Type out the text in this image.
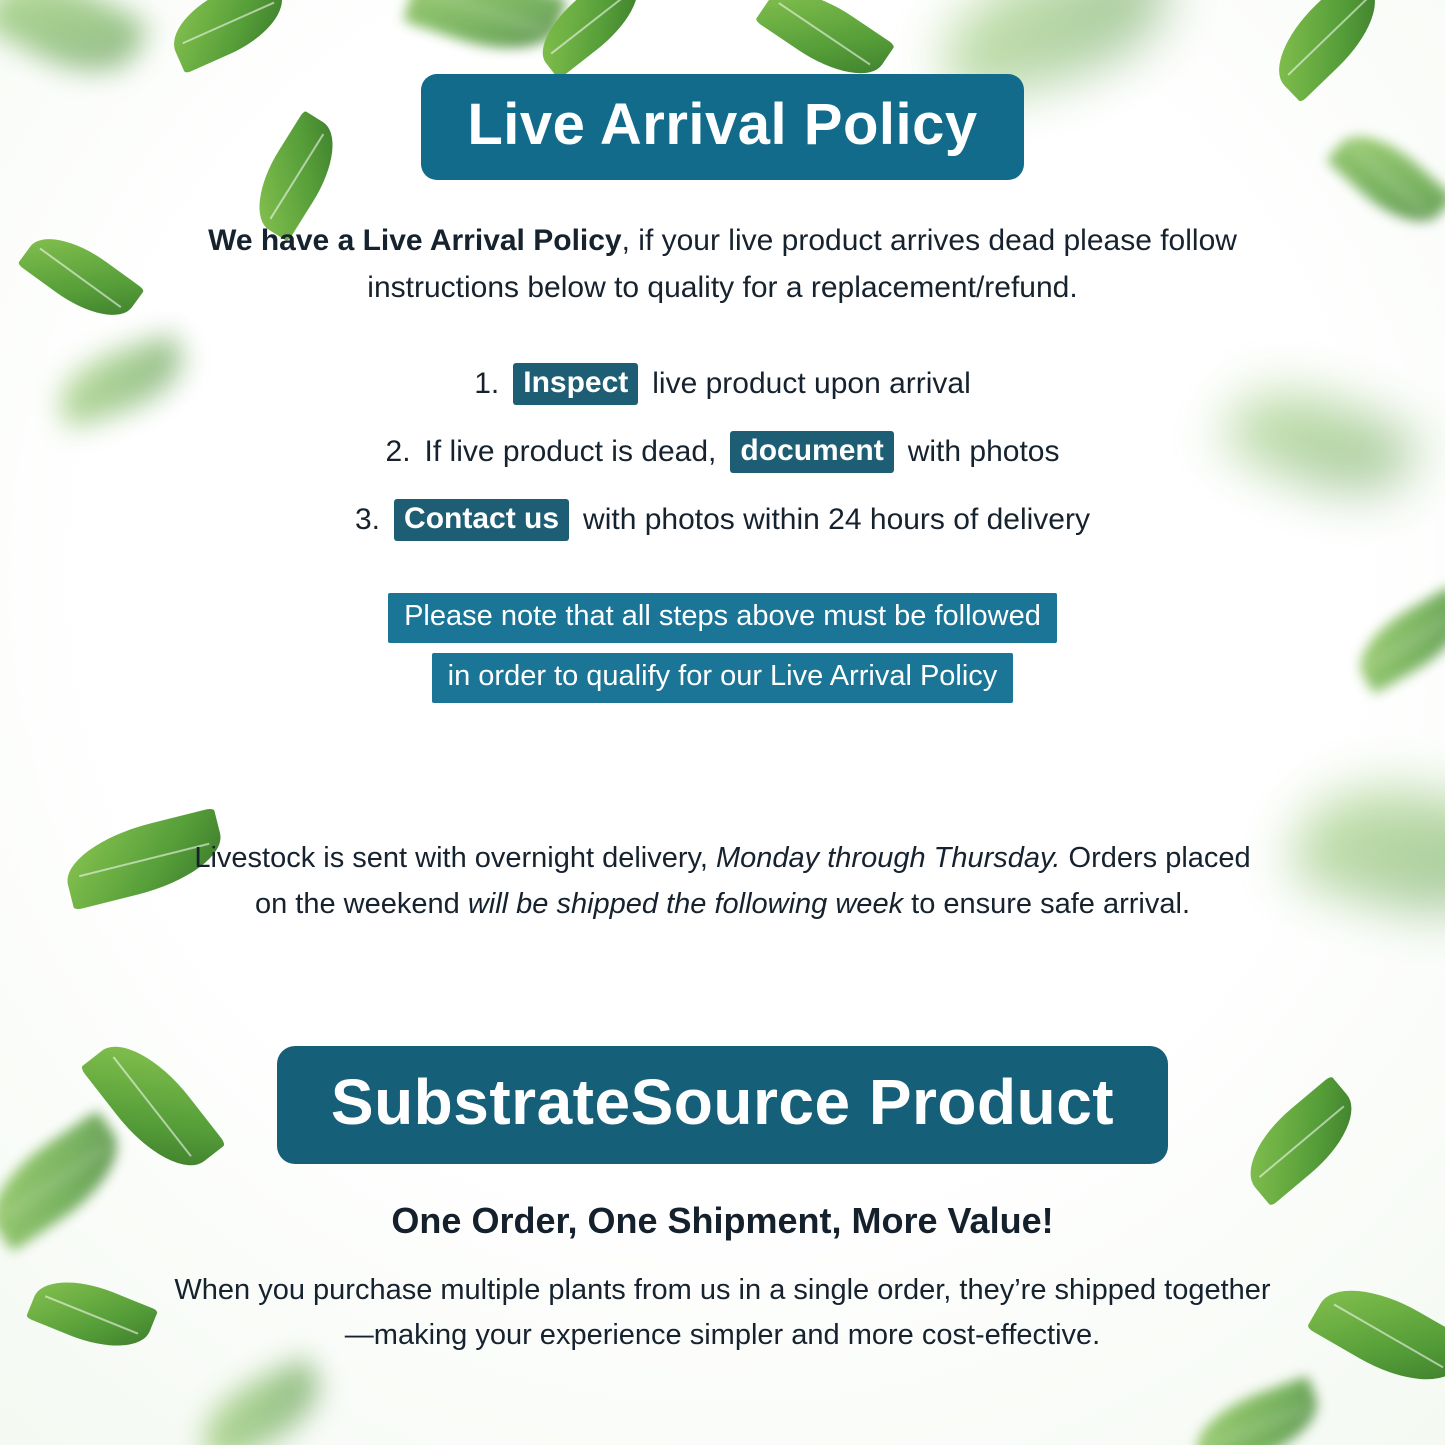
Live Arrival Policy
We have a Live Arrival Policy, if your live product arrives dead please follow instructions below to quality for a replacement/refund.
1. Inspect live product upon arrival
2. If live product is dead, document with photos
3. Contact us with photos within 24 hours of delivery
Please note that all steps above must be followed
in order to qualify for our Live Arrival Policy
Livestock is sent with overnight delivery, Monday through Thursday. Orders placed on the weekend will be shipped the following week to ensure safe arrival.
SubstrateSource Product
One Order, One Shipment, More Value!
When you purchase multiple plants from us in a single order, they’re shipped together—making your experience simpler and more cost-effective.
